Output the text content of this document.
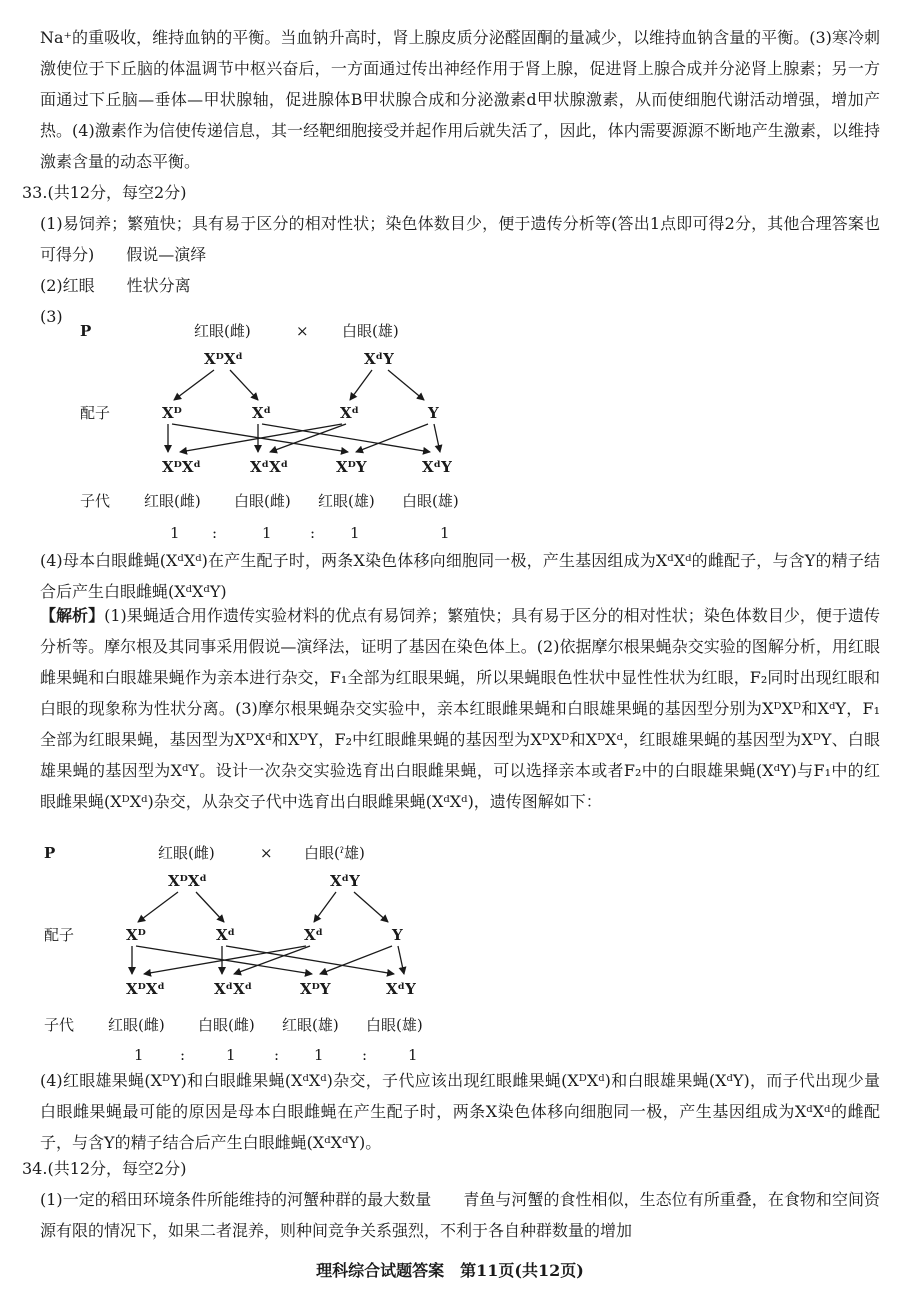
Na⁺的重吸收，维持血钠的平衡。当血钠升高时，肾上腺皮质分泌醛固酮的量减少，以维持血钠含量的平衡。(3)寒冷刺激使位于下丘脑的体温调节中枢兴奋后，一方面通过传出神经作用于肾上腺，促进肾上腺合成并分泌肾上腺素；另一方面通过下丘脑—垂体—甲状腺轴，促进腺体B甲状腺合成和分泌激素d甲状腺激素，从而使细胞代谢活动增强，增加产热。(4)激素作为信使传递信息，其一经靶细胞接受并起作用后就失活了，因此，体内需要源源不断地产生激素，以维持激素含量的动态平衡。

33.(共12分，每空2分)

(1)易饲养；繁殖快；具有易于区分的相对性状；染色体数目少，便于遗传分析等(答出1点即可得2分，其他合理答案也可得分)　　假说—演绎

(2)红眼　　性状分离
(3)
P	红眼(雌)	× 白眼(雄)
XᴰXᵈ	XᵈY
配子	Xᴰ	Xᵈ	Xᵈ	Y
XᴰXᵈ	XᵈXᵈ	XᴰY	XᵈY
子代 红眼(雌) 白眼(雌) 红眼(雄) 白眼(雄)
1 :	1	: 1	1

(4)母本白眼雌蝇(XᵈXᵈ)在产生配子时，两条X染色体移向细胞同一极，产生基因组成为XᵈXᵈ的雌配子，与含Y的精子结合后产生白眼雌蝇(XᵈXᵈY)

【解析】(1)果蝇适合用作遗传实验材料的优点有易饲养；繁殖快；具有易于区分的相对性状；染色体数目少，便于遗传分析等。摩尔根及其同事采用假说—演绎法，证明了基因在染色体上。(2)依据摩尔根果蝇杂交实验的图解分析，用红眼雌果蝇和白眼雄果蝇作为亲本进行杂交，F₁全部为红眼果蝇，所以果蝇眼色性状中显性性状为红眼，F₂同时出现红眼和白眼的现象称为性状分离。(3)摩尔根果蝇杂交实验中，亲本红眼雌果蝇和白眼雄果蝇的基因型分别为XᴰXᴰ和XᵈY，F₁全部为红眼果蝇，基因型为XᴰXᵈ和XᴰY，F₂中红眼雌果蝇的基因型为XᴰXᴰ和XᴰXᵈ，红眼雄果蝇的基因型为XᴰY、白眼雄果蝇的基因型为XᵈY。设计一次杂交实验选育出白眼雌果蝇，可以选择亲本或者F₂中的白眼雄果蝇(XᵈY)与F₁中的红眼雌果蝇(XᴰXᵈ)杂交，从杂交子代中选育出白眼雌果蝇(XᵈXᵈ)，遗传图解如下：

P	红眼(雌)	× 白眼(ˀ雄)
XᴰXᵈ	XᵈY
配子	Xᴰ	Xᵈ	Xᵈ	Y
XᴰXᵈ	XᵈXᵈ	XᴰY	XᵈY
子代 红眼(雌) 白眼(雌) 红眼(雄) 白眼(雄)
1 :	1	: 1	:	1

(4)红眼雄果蝇(XᴰY)和白眼雌果蝇(XᵈXᵈ)杂交，子代应该出现红眼雌果蝇(XᴰXᵈ)和白眼雄果蝇(XᵈY)，而子代出现少量白眼雌果蝇最可能的原因是母本白眼雌蝇在产生配子时，两条X染色体移向细胞同一极，产生基因组成为XᵈXᵈ的雌配子，与含Y的精子结合后产生白眼雌蝇(XᵈXᵈY)。

34.(共12分，每空2分)

(1)一定的稻田环境条件所能维持的河蟹种群的最大数量　　青鱼与河蟹的食性相似，生态位有所重叠，在食物和空间资源有限的情况下，如果二者混养，则种间竞争关系强烈，不利于各自种群数量的增加

理科综合试题答案　第11页(共12页)
